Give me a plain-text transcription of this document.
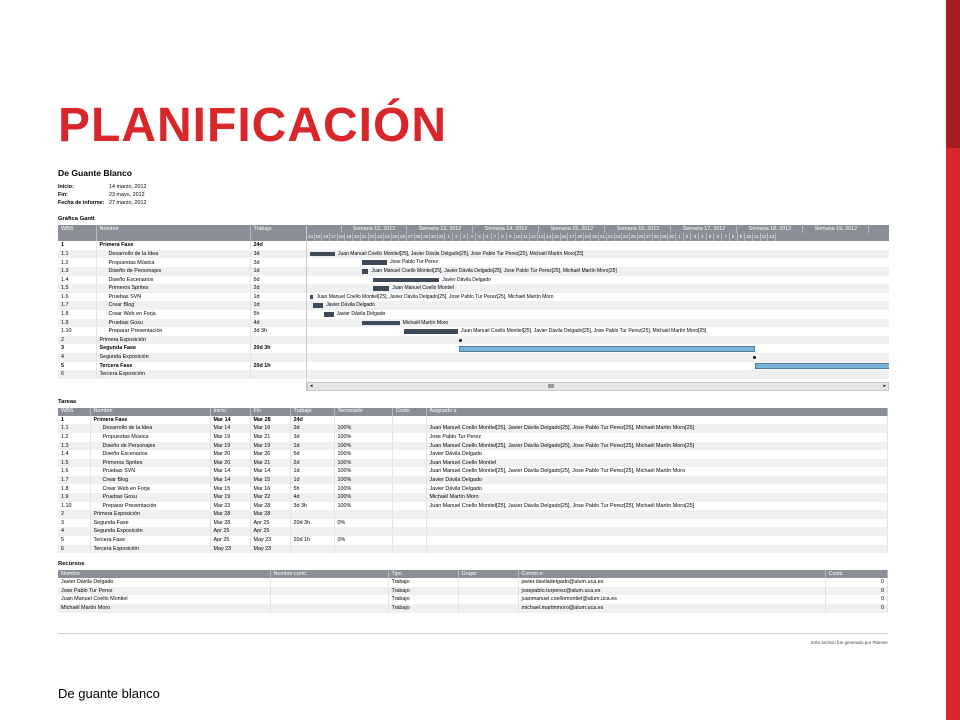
PLANIFICACIÓN
De Guante Blanco
Inicio:	14 marzo, 2012
Fin:	23 mayo, 2012
Fecha de informe: 27 marzo, 2012
Gráfica Gantt
WBS	Nombre	Trabajo

1	Primera Fase	24d
1.1	Desarrollo de la Idea	3d
1.2	Propuestas Música	3d
1.3	Diseño de Personajes	1d
1.4	Diseño Escenarios	5d
1.5	Primeros Sprites	2d
1.6	Pruebas SVN	1d
1.7	Crear Blog	1d
1.8	Crear Web en Forja	5h
1.9	Pruebas Gosu	4d
1.10	Preparar Presentación	3d 3h
2	Primera Exposición	
3	Segunda Fase	20d 3h
4	Segunda Exposición	
5	Tercera Fase	20d 1h
6	Tercera Exposición	
Semana 12, 2012	Semana 13, 2012	Semana 14, 2012	Semana 15, 2012	Semana 16, 2012	Semana 17, 2012	Semana 18, 2012	Semana 19, 2012
14 15 16 17 18 19 20 21 22 23 24 25 26 27 28 29 30 31 1	2	3	4	5	6	7	8	9 10 11 12 13 14 15 16 17 18 19 20 21 22 23 24 25 26 27 28 29 30 1	2	3	4	5	6	7	8	9 10 11 12 13
Juan Manuel Coello Montiel[25], Javier Dávila Delgado[25], Jose Pablo Tur Perez[25], Michaël Martín Moro[25]
Jose Pablo Tur Perez
Juan Manuel Coello Montiel[25], Javier Dávila Delgado[25], Jose Pablo Tur Perez[25], Michaël Martín Moro[25]
Javier Dávila Delgado
Juan Manuel Coello Montiel
Juan Manuel Coello Montiel[25], Javier Dávila Delgado[25], Jose Pablo Tur Perez[25], Michaël Martín Moro
Javier Dávila Delgado
Javier Dávila Delgado
Michaël Martín Moro
Juan Manuel Coello Montiel[25], Javier Dávila Delgado[25], Jose Pablo Tur Perez[25], Michaël Martín Moro[25]
◂	▸
Tareas
WBS	Nombre	Inicio	Fin	Trabajo	Terminado	Coste	Asignado a
1	Primera Fase	Mar 14	Mar 28	24d			
1.1	Desarrollo de la Idea	Mar 14	Mar 16	3d	100%		Juan Manuel Coello Montiel[25], Javier Dávila Delgado[25], Jose Pablo Tur Perez[25], Michaël Martín Moro[25]
1.2	Propuestas Música	Mar 19	Mar 21	3d	100%		Jose Pablo Tur Perez
1.3	Diseño de Personajes	Mar 19	Mar 19	1d	100%		Juan Manuel Coello Montiel[25], Javier Dávila Delgado[25], Jose Pablo Tur Perez[25], Michaël Martín Moro[25]
1.4	Diseño Escenarios	Mar 20	Mar 26	5d	100%		Javier Dávila Delgado
1.5	Primeros Sprites	Mar 20	Mar 21	2d	100%		Juan Manuel Coello Montiel
1.6	Pruebas SVN	Mar 14	Mar 14	1d	100%		Juan Manuel Coello Montiel[25], Javier Dávila Delgado[25], Jose Pablo Tur Perez[25], Michaël Martín Moro
1.7	Crear Blog	Mar 14	Mar 15	1d	100%		Javier Dávila Delgado
1.8	Crear Web en Forja	Mar 15	Mar 16	5h	100%		Javier Dávila Delgado
1.9	Pruebas Gosu	Mar 19	Mar 22	4d	100%		Michaël Martín Moro
1.10	Preparar Presentación	Mar 23	Mar 28	3d 3h	100%		Juan Manuel Coello Montiel[25], Javier Dávila Delgado[25], Jose Pablo Tur Perez[25], Michaël Martín Moro[25]
2	Primera Exposición	Mar 28	Mar 28				
3	Segunda Fase	Mar 28	Apr 25	20d 3h	0%		
4	Segunda Exposición	Apr 25	Apr 25				
5	Tercera Fase	Apr 25	May 23	20d 1h	0%		
6	Tercera Exposición	May 23	May 23				
Recursos
Nombre	Nombre corto	Tipo	Grupo	Correo-e	Coste
Javier Dávila Delgado		Trabajo		javier.daviladelgado@alum.uca.es	0
Jose Pablo Tur Perez		Trabajo		josepablo.turperez@alum.uca.es	0
Juan Manuel Coello Montiel		Trabajo		juanmanuel.coellomontiel@alum.uca.es	0
Michaël Martín Moro		Trabajo		michael.martinmoro@alum.uca.es	0
Este archivo fue generado por Planner
De guante blanco
